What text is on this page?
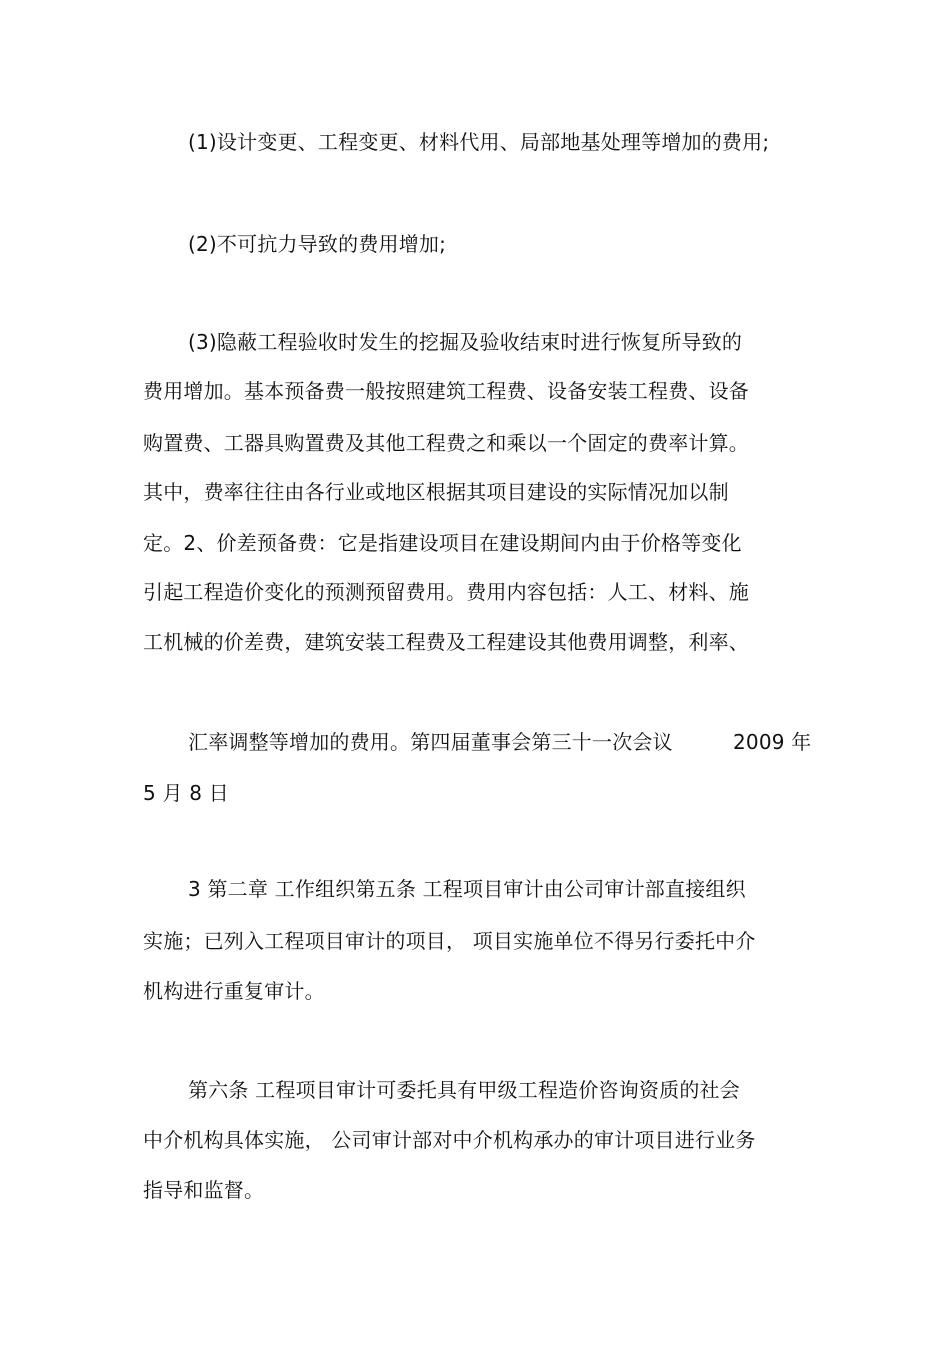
(1)设计变更、工程变更、材料代用、局部地基处理等增加的费用;
(2)不可抗力导致的费用增加;
(3)隐蔽工程验收时发生的挖掘及验收结束时进行恢复所导致的
费用增加。基本预备费一般按照建筑工程费、设备安装工程费、设备
购置费、工器具购置费及其他工程费之和乘以一个固定的费率计算。
其中，费率往往由各行业或地区根据其项目建设的实际情况加以制
定。2、价差预备费：它是指建设项目在建设期间内由于价格等变化
引起工程造价变化的预测预留费用。费用内容包括：人工、材料、施
工机械的价差费，建筑安装工程费及工程建设其他费用调整，利率、
汇率调整等增加的费用。第四届董事会第三十一次会议	2009 年
5 月 8 日
3 第二章 工作组织第五条 工程项目审计由公司审计部直接组织
实施；已列入工程项目审计的项目， 项目实施单位不得另行委托中介
机构进行重复审计。
第六条 工程项目审计可委托具有甲级工程造价咨询资质的社会
中介机构具体实施， 公司审计部对中介机构承办的审计项目进行业务
指导和监督。
